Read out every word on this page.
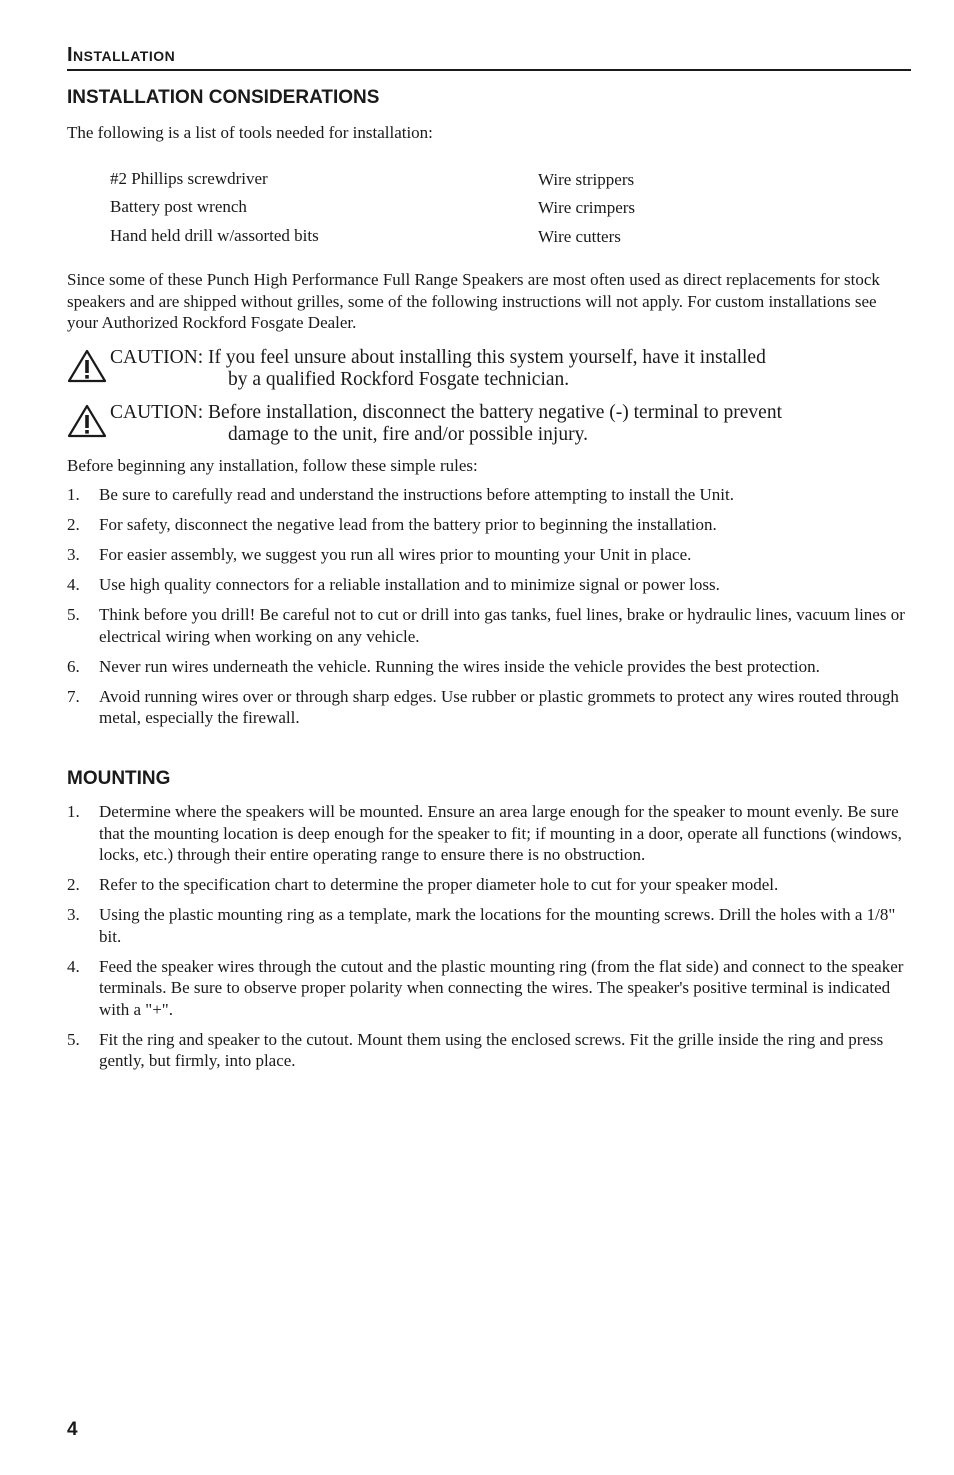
Installation
INSTALLATION CONSIDERATIONS
The following is a list of tools needed for installation:
#2 Phillips screwdriver
Battery post wrench
Hand held drill w/assorted bits
Wire strippers
Wire crimpers
Wire cutters
Since some of these Punch High Performance Full Range Speakers are most often used as direct replacements for stock speakers and are shipped without grilles, some of the following instructions will not apply. For custom installations see your Authorized Rockford Fosgate Dealer.
CAUTION: If you feel unsure about installing this system yourself, have it installed
by a qualified Rockford Fosgate technician.
CAUTION: Before installation, disconnect the battery negative (-) terminal to prevent
damage to the unit, fire and/or possible injury.
Before beginning any installation, follow these simple rules:
1. Be sure to carefully read and understand the instructions before attempting to install the Unit.
2. For safety, disconnect the negative lead from the battery prior to beginning the installation.
3. For easier assembly, we suggest you run all wires prior to mounting your Unit in place.
4. Use high quality connectors for a reliable installation and to minimize signal or power loss.
5. Think before you drill! Be careful not to cut or drill into gas tanks, fuel lines, brake or hydraulic lines, vacuum lines or electrical wiring when working on any vehicle.
6. Never run wires underneath the vehicle. Running the wires inside the vehicle provides the best protection.
7. Avoid running wires over or through sharp edges. Use rubber or plastic grommets to protect any wires routed through metal, especially the firewall.
MOUNTING
1. Determine where the speakers will be mounted. Ensure an area large enough for the speaker to mount evenly. Be sure that the mounting location is deep enough for the speaker to fit; if mounting in a door, operate all functions (windows, locks, etc.) through their entire operating range to ensure there is no obstruction.
2. Refer to the specification chart to determine the proper diameter hole to cut for your speaker model.
3. Using the plastic mounting ring as a template, mark the locations for the mounting screws. Drill the holes with a 1/8" bit.
4. Feed the speaker wires through the cutout and the plastic mounting ring (from the flat side) and connect to the speaker terminals. Be sure to observe proper polarity when connecting the wires. The speaker's positive terminal is indicated with a "+".
5. Fit the ring and speaker to the cutout. Mount them using the enclosed screws. Fit the grille inside the ring and press gently, but firmly, into place.
4
